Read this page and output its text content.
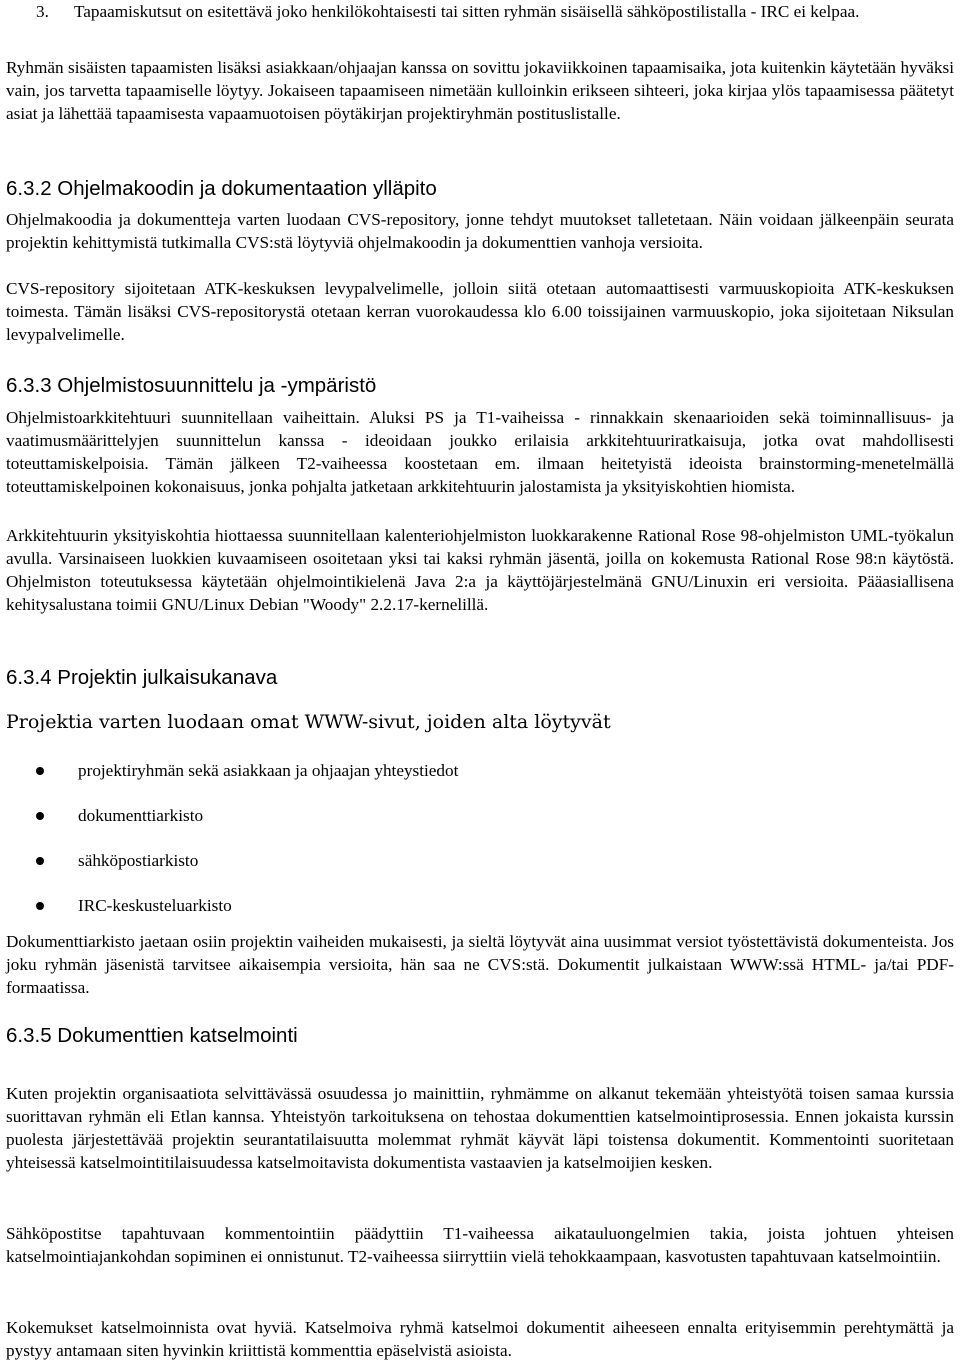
3.	Tapaamiskutsut on esitettävä joko henkilökohtaisesti tai sitten ryhmän sisäisellä sähköpostilistalla - IRC ei kelpaa.

Ryhmän sisäisten tapaamisten lisäksi asiakkaan/ohjaajan kanssa on sovittu jokaviikkoinen tapaamisaika, jota kuitenkin käytetään hyväksi vain, jos tarvetta tapaamiselle löytyy. Jokaiseen tapaamiseen nimetään kulloinkin erikseen sihteeri, joka kirjaa ylös tapaamisessa päätetyt asiat ja lähettää tapaamisesta vapaamuotoisen pöytäkirjan projektiryhmän postituslistalle.

6.3.2 Ohjelmakoodin ja dokumentaation ylläpito

Ohjelmakoodia ja dokumentteja varten luodaan CVS-repository, jonne tehdyt muutokset talletetaan. Näin voidaan jälkeenpäin seurata projektin kehittymistä tutkimalla CVS:stä löytyviä ohjelmakoodin ja dokumenttien vanhoja versioita.

CVS-repository sijoitetaan ATK-keskuksen levypalvelimelle, jolloin siitä otetaan automaattisesti varmuuskopioita ATK-keskuksen toimesta. Tämän lisäksi CVS-repositorystä otetaan kerran vuorokaudessa klo 6.00 toissijainen varmuuskopio, joka sijoitetaan Niksulan levypalvelimelle.

6.3.3 Ohjelmistosuunnittelu ja -ympäristö

Ohjelmistoarkkitehtuuri suunnitellaan vaiheittain. Aluksi PS ja T1-vaiheissa - rinnakkain skenaarioiden sekä toiminnallisuus- ja vaatimusmäärittelyjen suunnittelun kanssa - ideoidaan joukko erilaisia arkkitehtuuriratkaisuja, jotka ovat mahdollisesti toteuttamiskelpoisia. Tämän jälkeen T2-vaiheessa koostetaan em. ilmaan heitetyistä ideoista brainstorming-menetelmällä toteuttamiskelpoinen kokonaisuus, jonka pohjalta jatketaan arkkitehtuurin jalostamista ja yksityiskohtien hiomista.

Arkkitehtuurin yksityiskohtia hiottaessa suunnitellaan kalenteriohjelmiston luokkarakenne Rational Rose 98-ohjelmiston UML-työkalun avulla. Varsinaiseen luokkien kuvaamiseen osoitetaan yksi tai kaksi ryhmän jäsentä, joilla on kokemusta Rational Rose 98:n käytöstä. Ohjelmiston toteutuksessa käytetään ohjelmointikielenä Java 2:a ja käyttöjärjestelmänä GNU/Linuxin eri versioita. Pääasiallisena kehitysalustana toimii GNU/Linux Debian "Woody" 2.2.17-kernelillä.

6.3.4 Projektin julkaisukanava

Projektia varten luodaan omat WWW-sivut, joiden alta löytyvät

projektiryhmän sekä asiakkaan ja ohjaajan yhteystiedot
dokumenttiarkisto
sähköpostiarkisto
IRC-keskusteluarkisto

Dokumenttiarkisto jaetaan osiin projektin vaiheiden mukaisesti, ja sieltä löytyvät aina uusimmat versiot työstettävistä dokumenteista. Jos joku ryhmän jäsenistä tarvitsee aikaisempia versioita, hän saa ne CVS:stä. Dokumentit julkaistaan WWW:ssä HTML- ja/tai PDF-formaatissa.

6.3.5 Dokumenttien katselmointi

Kuten projektin organisaatiota selvittävässä osuudessa jo mainittiin, ryhmämme on alkanut tekemään yhteistyötä toisen samaa kurssia suorittavan ryhmän eli Etlan kannsa. Yhteistyön tarkoituksena on tehostaa dokumenttien katselmointiprosessia. Ennen jokaista kurssin puolesta järjestettävää projektin seurantatilaisuutta molemmat ryhmät käyvät läpi toistensa dokumentit. Kommentointi suoritetaan yhteisessä katselmointitilaisuudessa katselmoitavista dokumentista vastaavien ja katselmoijien kesken.

Sähköpostitse tapahtuvaan kommentointiin päädyttiin T1-vaiheessa aikatauluongelmien takia, joista johtuen yhteisen katselmointiajankohdan sopiminen ei onnistunut. T2-vaiheessa siirryttiin vielä tehokkaampaan, kasvotusten tapahtuvaan katselmointiin.

Kokemukset katselmoinnista ovat hyviä. Katselmoiva ryhmä katselmoi dokumentit aiheeseen ennalta erityisemmin perehtymättä ja pystyy antamaan siten hyvinkin kriittistä kommenttia epäselvistä asioista.
